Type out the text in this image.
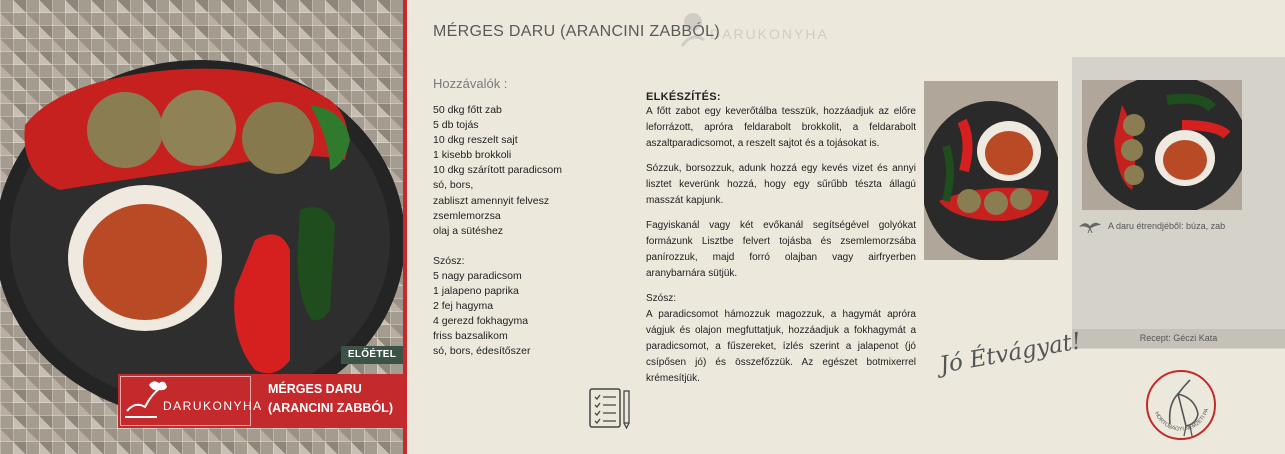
ELŐÉTEL
DARUKONYHA
MÉRGES DARU
(ARANCINI ZABBÓL)
MÉRGES DARU (ARANCINI ZABBÓL)
DARUKONYHA
Hozzávalók :
50 dkg főtt zab
5 db tojás
10 dkg reszelt sajt
1 kisebb brokkoli
10 dkg szárított paradicsom
só, bors,
zabliszt amennyit felvesz
zsemlemorzsa
olaj a sütéshez
Szósz:
5 nagy paradicsom
1 jalapeno paprika
2 fej hagyma
4 gerezd fokhagyma
friss bazsalikom
só, bors, édesítőszer
ELKÉSZÍTÉS:

A főtt zabot egy keverőtálba tesszük, hozzáadjuk az előre leforrázott, apróra feldarabolt brokkolit, a feldarabolt aszaltparadicsomot, a reszelt sajtot és a tojásokat is.

Sózzuk, borsozzuk, adunk hozzá egy kevés vizet és annyi lisztet keverünk hozzá, hogy egy sűrűbb tészta állagú masszát kapjunk.

Fagyiskanál vagy két evőkanál segítségével golyókat formázunk Lisztbe felvert tojásba és zsemlemorzsába panírozzuk, majd forró olajban vagy airfryerben aranybarnára sütjük.

Szósz:

A paradicsomot hámozzuk magozzuk, a hagymát apróra vágjuk és olajon megfuttatjuk, hozzáadjuk a fokhagymát a paradicsomot, a fűszereket, ízlés szerint a jalapenot (jó csípősen jó) és összefőzzük. Az egészet botmixerrel krémesítjük.

A daru étrendjéből: búza, zab
Recept: Géczi Kata
Jó Étvágyat!
HORTOBÁGYI NEMZETI PA
